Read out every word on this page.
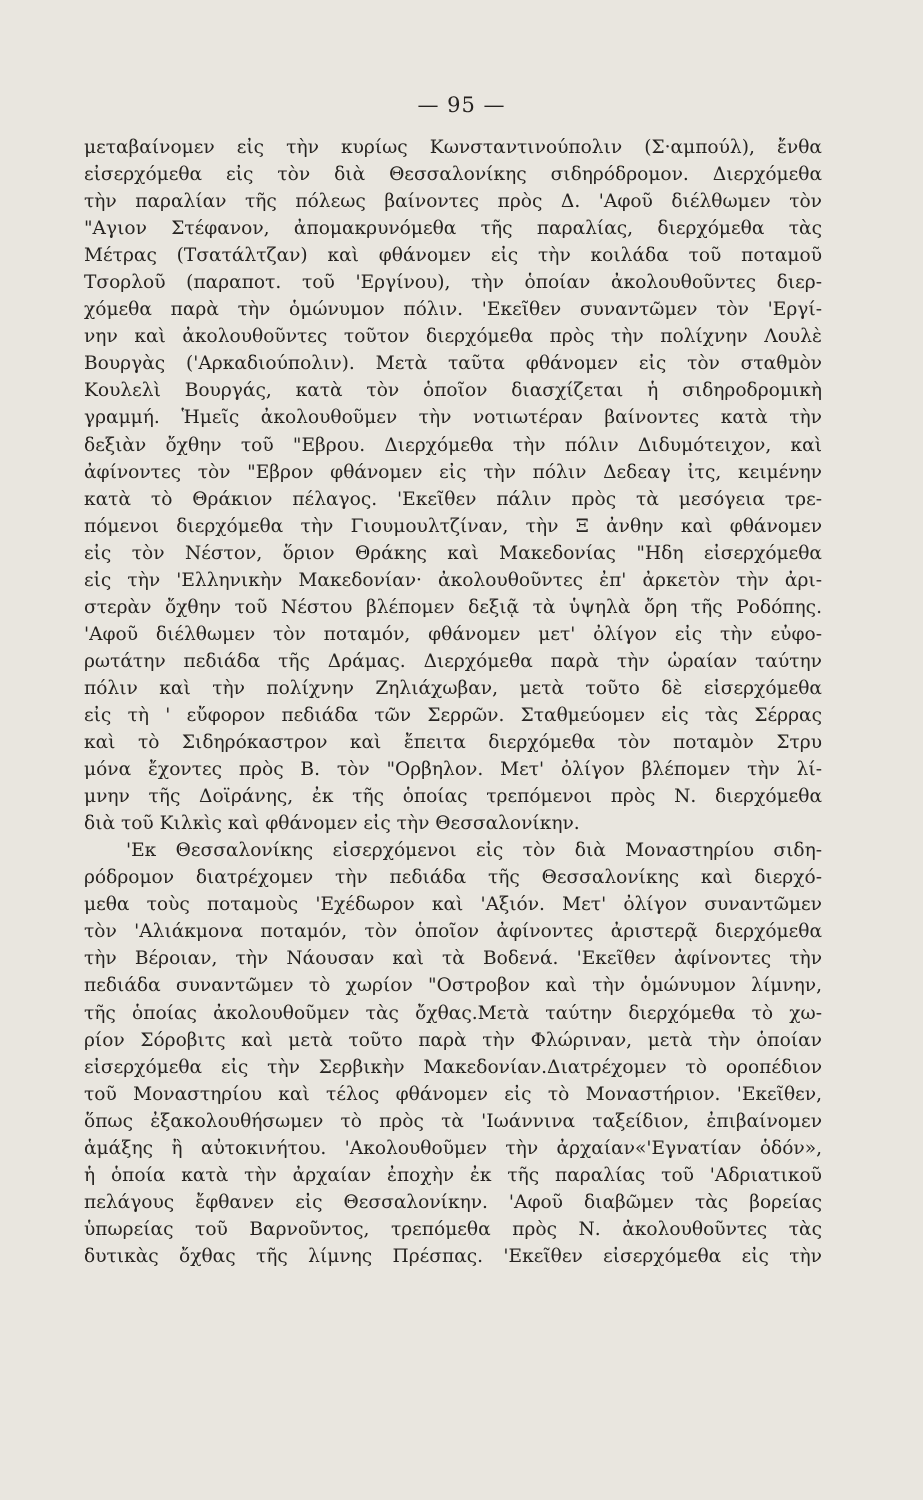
— 95 —
μεταβαίνομεν εἰς τὴν κυρίως Κωνσταντινούπολιν (Σ·αμπούλ), ἔνθα
εἰσερχόμεθα εἰς τὸν διὰ Θεσσαλονίκης σιδηρόδρομον. Διερχόμεθα
τὴν παραλίαν τῆς πόλεως βαίνοντες πρὸς Δ. 'Αφοῦ διέλθωμεν τὸν
"Αγιον Στέφανον, ἀπομακρυνόμεθα τῆς παραλίας, διερχόμεθα τὰς
Μέτρας (Τσατάλτζαν) καὶ φθάνομεν εἰς τὴν κοιλάδα τοῦ ποταμοῦ
Τσορλοῦ (παραποτ. τοῦ 'Εργίνου), τὴν ὁποίαν ἀκολουθοῦντες διερ-
χόμεθα παρὰ τὴν ὁμώνυμον πόλιν. 'Εκεῖθεν συναντῶμεν τὸν 'Εργί-
νην καὶ ἀκολουθοῦντες τοῦτον διερχόμεθα πρὸς τὴν πολίχνην Λουλὲ
Βουργὰς ('Αρκαδιούπολιν). Μετὰ ταῦτα φθάνομεν εἰς τὸν σταθμὸν
Κουλελὶ Βουργάς, κατὰ τὸν ὁποῖον διασχίζεται ἡ σιδηροδρομικὴ
γραμμή. Ἡμεῖς ἀκολουθοῦμεν τὴν νοτιωτέραν βαίνοντες κατὰ τὴν
δεξιὰν ὄχθην τοῦ "Εβρου. Διερχόμεθα τὴν πόλιν Διδυμότειχον, καὶ
ἀφίνοντες τὸν "Εβρον φθάνομεν εἰς τὴν πόλιν Δεδεαγ ἰτς, κειμένην
κατὰ τὸ Θράκιον πέλαγος. 'Εκεῖθεν πάλιν πρὸς τὰ μεσόγεια τρε-
πόμενοι διερχόμεθα τὴν Γιουμουλτζίναν, τὴν Ξ ἀνθην καὶ φθάνομεν
εἰς τὸν Νέστον, ὅριον Θράκης καὶ Μακεδονίας "Ηδη εἰσερχόμεθα
εἰς τὴν 'Ελληνικὴν Μακεδονίαν· ἀκολουθοῦντες ἐπ' ἀρκετὸν τὴν ἀρι-
στερὰν ὄχθην τοῦ Νέστου βλέπομεν δεξιᾷ τὰ ὑψηλὰ ὄρη τῆς Ροδόπης.
'Αφοῦ διέλθωμεν τὸν ποταμόν, φθάνομεν μετ' ὀλίγον εἰς τὴν εὐφο-
ρωτάτην πεδιάδα τῆς Δράμας. Διερχόμεθα παρὰ τὴν ὡραίαν ταύτην
πόλιν καὶ τὴν πολίχνην Ζηλιάχωβαν, μετὰ τοῦτο δὲ εἰσερχόμεθα
εἰς τὴ ' εὔφορον πεδιάδα τῶν Σερρῶν. Σταθμεύομεν εἰς τὰς Σέρρας
καὶ τὸ Σιδηρόκαστρον καὶ ἔπειτα διερχόμεθα τὸν ποταμὸν Στρυ
μόνα ἔχοντες πρὸς Β. τὸν "Ορβηλον. Μετ' ὀλίγον βλέπομεν τὴν λί-
μνην τῆς Δοϊράνης, ἐκ τῆς ὁποίας τρεπόμενοι πρὸς Ν. διερχόμεθα
διὰ τοῦ Κιλκὶς καὶ φθάνομεν εἰς τὴν Θεσσαλονίκην.
'Εκ Θεσσαλονίκης εἰσερχόμενοι εἰς τὸν διὰ Μοναστηρίου σιδη-
ρόδρομον διατρέχομεν τὴν πεδιάδα τῆς Θεσσαλονίκης καὶ διερχό-
μεθα τοὺς ποταμοὺς 'Εχέδωρον καὶ 'Αξιόν. Μετ' ὀλίγον συναντῶμεν
τὸν 'Αλιάκμονα ποταμόν, τὸν ὁποῖον ἀφίνοντες ἀριστερᾷ διερχόμεθα
τὴν Βέροιαν, τὴν Νάουσαν καὶ τὰ Βοδενά. 'Εκεῖθεν ἀφίνοντες τὴν
πεδιάδα συναντῶμεν τὸ χωρίον "Οστροβον καὶ τὴν ὁμώνυμον λίμνην,
τῆς ὁποίας ἀκολουθοῦμεν τὰς ὄχθας.Μετὰ ταύτην διερχόμεθα τὸ χω-
ρίον Σόροβιτς καὶ μετὰ τοῦτο παρὰ τὴν Φλώριναν, μετὰ τὴν ὁποίαν
εἰσερχόμεθα εἰς τὴν Σερβικὴν Μακεδονίαν.Διατρέχομεν τὸ οροπέδιον
τοῦ Μοναστηρίου καὶ τέλος φθάνομεν εἰς τὸ Μοναστήριον. 'Εκεῖθεν,
ὅπως ἐξακολουθήσωμεν τὸ πρὸς τὰ 'Ιωάννινα ταξείδιον, ἐπιβαίνομεν
ἁμάξης ἢ αὐτοκινήτου. 'Ακολουθοῦμεν τὴν ἀρχαίαν«'Εγνατίαν ὁδόν»,
ἡ ὁποία κατὰ τὴν ἀρχαίαν ἐποχὴν ἐκ τῆς παραλίας τοῦ 'Αδριατικοῦ
πελάγους ἔφθανεν εἰς Θεσσαλονίκην. 'Αφοῦ διαβῶμεν τὰς βορείας
ὑπωρείας τοῦ Βαρνοῦντος, τρεπόμεθα πρὸς Ν. ἀκολουθοῦντες τὰς
δυτικὰς ὄχθας τῆς λίμνης Πρέσπας. 'Εκεῖθεν εἰσερχόμεθα εἰς τὴν
